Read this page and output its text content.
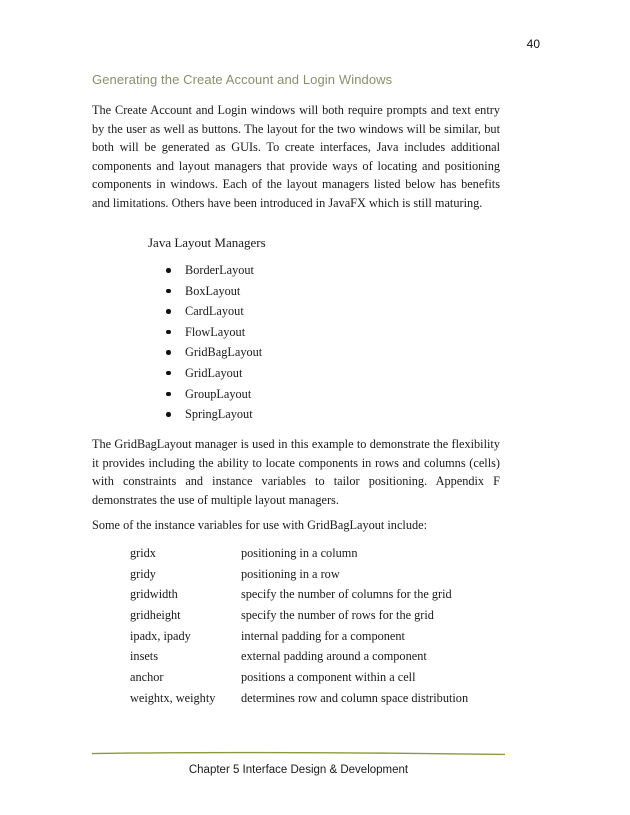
40
Generating the Create Account and Login Windows

The Create Account and Login windows will both require prompts and text entry by the user as well as buttons. The layout for the two windows will be similar, but both will be generated as GUIs. To create interfaces, Java includes additional components and layout managers that provide ways of locating and positioning components in windows. Each of the layout managers listed below has benefits and limitations. Others have been introduced in JavaFX which is still maturing.

Java Layout Managers

BorderLayout
BoxLayout
CardLayout
FlowLayout
GridBagLayout
GridLayout
GroupLayout
SpringLayout

The GridBagLayout manager is used in this example to demonstrate the flexibility it provides including the ability to locate components in rows and columns (cells) with constraints and instance variables to tailor positioning. Appendix F demonstrates the use of multiple layout managers.

Some of the instance variables for use with GridBagLayout include:

gridx	positioning in a column
gridy	positioning in a row
gridwidth	specify the number of columns for the grid
gridheight	specify the number of rows for the grid
ipadx, ipady	internal padding for a component
insets	external padding around a component
anchor	positions a component within a cell
weightx, weighty	determines row and column space distribution
Chapter 5 Interface Design & Development
